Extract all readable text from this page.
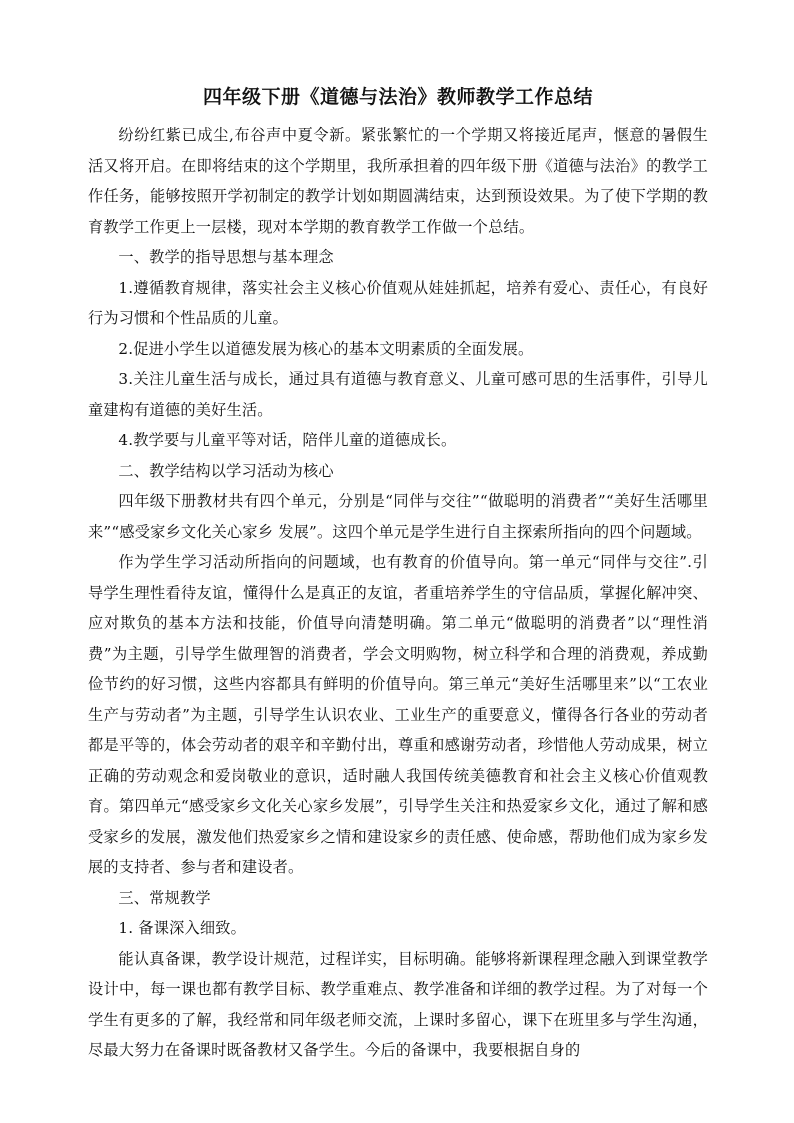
四年级下册《道德与法治》教师教学工作总结

纷纷红紫已成尘,布谷声中夏令新。紧张繁忙的一个学期又将接近尾声，惬意的暑假生活又将开启。在即将结束的这个学期里，我所承担着的四年级下册《道德与法治》的教学工作任务，能够按照开学初制定的教学计划如期圆满结束，达到预设效果。为了使下学期的教育教学工作更上一层楼，现对本学期的教育教学工作做一个总结。

一、教学的指导思想与基本理念

1.遵循教育规律，落实社会主义核心价值观从娃娃抓起，培养有爱心、责任心，有良好行为习惯和个性品质的儿童。

2.促进小学生以道德发展为核心的基本文明素质的全面发展。

3.关注儿童生活与成长，通过具有道德与教育意义、儿童可感可思的生活事件，引导儿童建构有道德的美好生活。

4.教学要与儿童平等对话，陪伴儿童的道德成长。

二、教学结构以学习活动为核心

四年级下册教材共有四个单元，分别是“同伴与交往”“做聪明的消费者”“美好生活哪里来”“感受家乡文化关心家乡 发展”。这四个单元是学生进行自主探索所指向的四个问题域。

作为学生学习活动所指向的问题域，也有教育的价值导向。第一单元“同伴与交往”.引导学生理性看待友谊，懂得什么是真正的友谊，者重培养学生的守信品质，掌握化解冲突、应对欺负的基本方法和技能，价值导向清楚明确。第二单元“做聪明的消费者”以“理性消费”为主题，引导学生做理智的消费者，学会文明购物，树立科学和合理的消费观，养成勤俭节约的好习惯，这些内容都具有鲜明的价值导向。第三单元“美好生活哪里来”以“工农业生产与劳动者”为主题，引导学生认识农业、工业生产的重要意义，懂得各行各业的劳动者都是平等的，体会劳动者的艰辛和辛勤付出，尊重和感谢劳动者，珍惜他人劳动成果，树立正确的劳动观念和爱岗敬业的意识，适时融人我国传统美德教育和社会主义核心价值观教育。第四单元“感受家乡文化关心家乡发展”，引导学生关注和热爱家乡文化，通过了解和感受家乡的发展，激发他们热爱家乡之情和建设家乡的责任感、使命感，帮助他们成为家乡发展的支持者、参与者和建设者。

三、常规教学

1. 备课深入细致。

能认真备课，教学设计规范，过程详实，目标明确。能够将新课程理念融入到课堂教学设计中，每一课也都有教学目标、教学重难点、教学准备和详细的教学过程。为了对每一个学生有更多的了解，我经常和同年级老师交流，上课时多留心，课下在班里多与学生沟通，尽最大努力在备课时既备教材又备学生。今后的备课中，我要根据自身的
